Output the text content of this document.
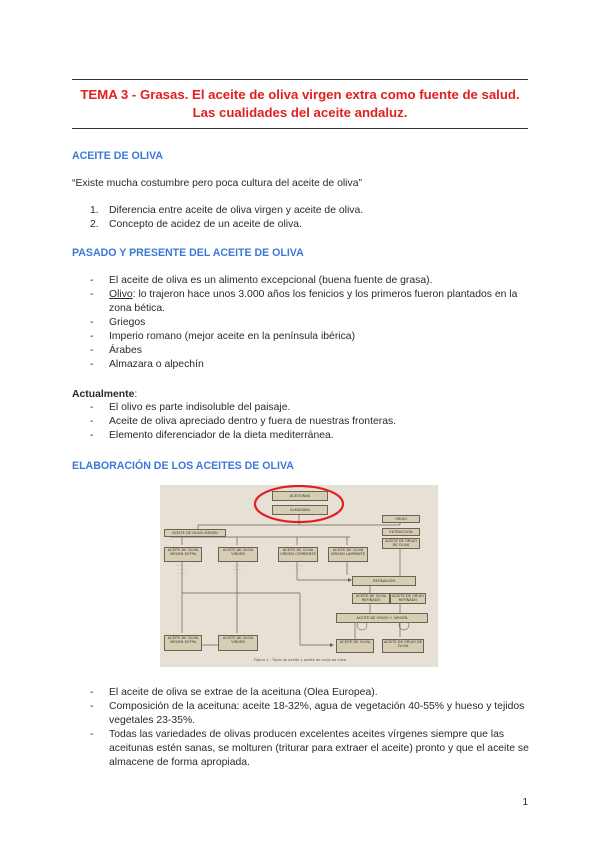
TEMA 3 - Grasas. El aceite de oliva virgen extra como fuente de salud.
Las cualidades del aceite andaluz.
ACEITE DE OLIVA
“Existe mucha costumbre pero poca cultura del aceite de oliva”
1. Diferencia entre aceite de oliva virgen y aceite de oliva.
2. Concepto de acidez de un aceite de oliva.
PASADO Y PRESENTE DEL ACEITE DE OLIVA
- El aceite de oliva es un alimento excepcional (buena fuente de grasa).
- Olivo: lo trajeron hace unos 3.000 años los fenicios y los primeros fueron plantados en la zona bética.
- Griegos
- Imperio romano (mejor aceite en la península ibérica)
- Árabes
- Almazara o alpechín
Actualmente:
- El olivo es parte indisoluble del paisaje.
- Aceite de oliva apreciado dentro y fuera de nuestras fronteras.
- Elemento diferenciador de la dieta mediterránea.
ELABORACIÓN DE LOS ACEITES DE OLIVA
ACEITUNAS
ALMAZARA
ACEITE DE OLIVA VIRGEN
ORUJO
EXTRACCIÓN
ACEITE DE ORUJO DE OLIVA
ACEITE DE OLIVA VIRGEN EXTRA
ACEITE DE OLIVA VIRGEN
ACEITE DE OLIVA VIRGEN CORRIENTE
ACEITE DE OLIVA VIRGEN LAMPANTE
· · · · · ·
· · · · ·
· · · ·
· · · · ·
· · · · · ·
· · ·
· · · · · ·
· · · ·
REFINACIÓN
ACEITE DE OLIVA REFINADO
ACEITE DE ORUJO REFINADO
ACEITE DE ORUJO + VIRGEN
ACEITE DE OLIVA VIRGEN EXTRA
ACEITE DE OLIVA VIRGEN	ACEITE DE OLIVA	ACEITE DE ORUJO DE OLIVA
Figura 2 - Tipos de aceite y aceite de orujo de oliva
- El aceite de oliva se extrae de la aceituna (Olea Europea).
- Composición de la aceituna: aceite 18-32%, agua de vegetación 40-55% y hueso y tejidos vegetales 23-35%.
- Todas las variedades de olivas producen excelentes aceites vírgenes siempre que las aceitunas estén sanas, se molturen (triturar para extraer el aceite) pronto y que el aceite se almacene de forma apropiada.
1
